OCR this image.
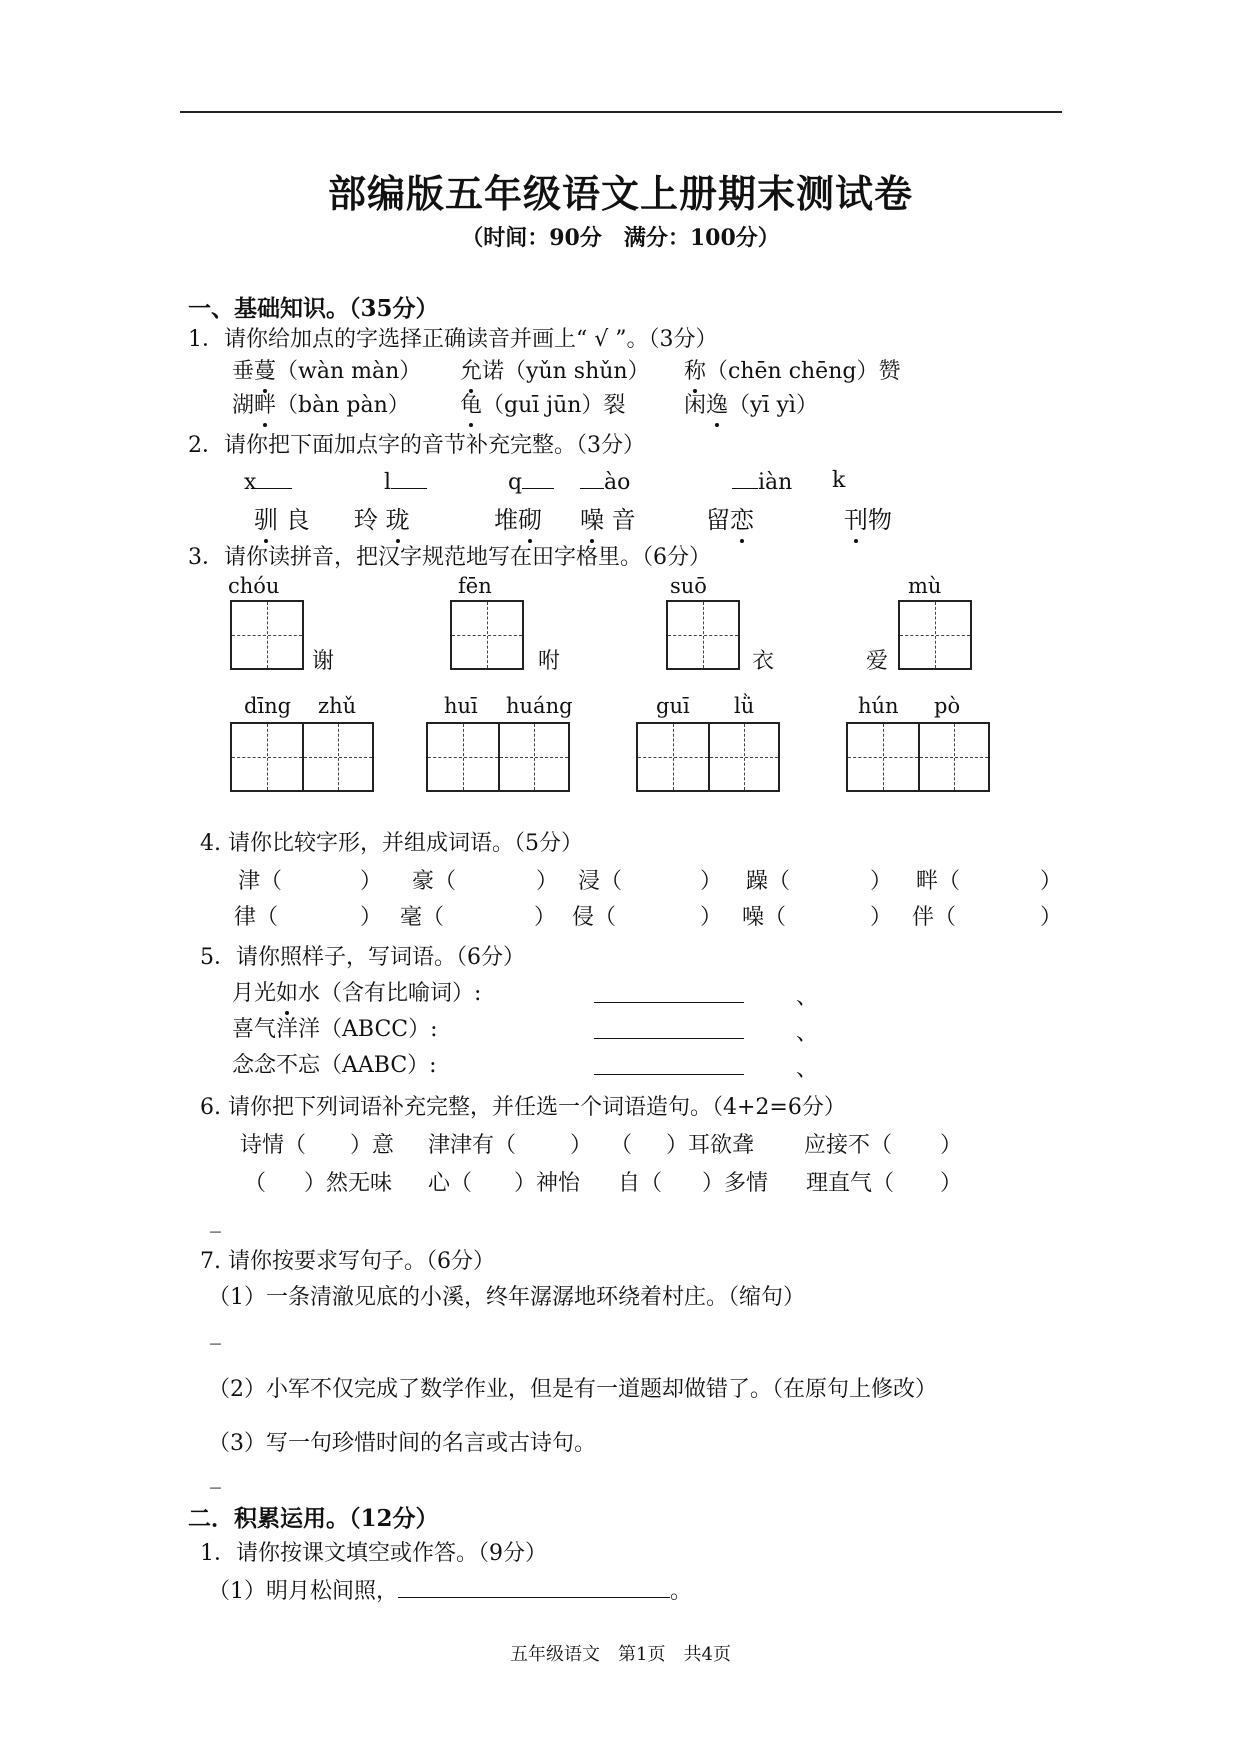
部编版五年级语文上册期末测试卷
（时间：90分　满分：100分）
一、基础知识。（35分）
1．请你给加点的字选择正确读音并画上“ √ ”。（3分）
垂蔓（wàn màn） 允诺（yǔn shǔn） 称（chēn chēng）赞
湖畔（bàn pàn） 龟（guī jūn）裂	闲逸（yī yì）
2．请你把下面加点字的音节补充完整。（3分）
x	l	q	ào	iàn k
驯 良 玲 珑	堆砌 噪 音	留恋	刊物
3．请你读拼音，把汉字规范地写在田字格里。（6分）
chóu
谢
fēn
咐
suō
衣
mù
爱
dīng zhǔ	huī huáng	guī lǜ	hún pò
4. 请你比较字形，并组成词语。（5分）
津（	） 豪（	） 浸（	） 躁（	） 畔（	）
律（	） 毫（	） 侵（	） 噪（	） 伴（	）
5．请你照样子，写词语。（6分）
月光如水（含有比喻词）:	、
喜气洋洋（ABCC）:	、
念念不忘（AABC）:	、
6. 请你把下列词语补充完整，并任选一个词语造句。（4+2=6分）
诗情（ ）意 津津有（ ） （ ）耳欲聋 应接不（ ）
（ ）然无味 心（ ）神怡 自（ ）多情 理直气（ ）
_
7. 请你按要求写句子。（6分）
（1）一条清澈见底的小溪，终年潺潺地环绕着村庄。（缩句）
_
（2）小军不仅完成了数学作业，但是有一道题却做错了。（在原句上修改）
（3）写一句珍惜时间的名言或古诗句。
_
二．积累运用。（12分）
1．请你按课文填空或作答。（9分）
（1）明月松间照，	。
五年级语文　第1页　共4页
